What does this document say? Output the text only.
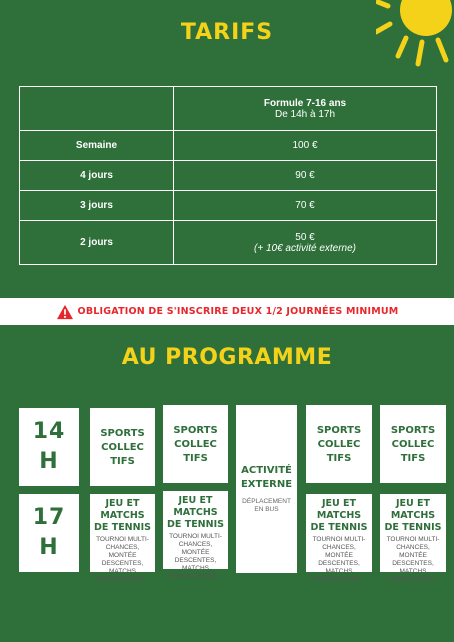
TARIFS

	Formule 7-16 ans
De 14h à 17h
Semaine	100 €
4 jours	90 €
3 jours	70 €
2 jours	50 €
(+ 10€ activité externe)
OBLIGATION DE S'INSCRIRE DEUX 1/2 JOURNÉES MINIMUM
AU PROGRAMME
14
H
17
H
SPORTS
COLLEC
TIFS
JEU ET
MATCHS
DE TENNIS
TOURNOI MULTI-CHANCES, MONTÉE DESCENTES, MATCHS HOMOLOGUÉS...
SPORTS
COLLEC
TIFS
JEU ET
MATCHS
DE TENNIS
TOURNOI MULTI-CHANCES, MONTÉE DESCENTES, MATCHS HOMOLOGUÉS...
ACTIVITÉ
EXTERNE
DÉPLACEMENT EN BUS
SPORTS
COLLEC
TIFS
JEU ET
MATCHS
DE TENNIS
TOURNOI MULTI-CHANCES, MONTÉE DESCENTES, MATCHS HOMOLOGUÉS...
SPORTS
COLLEC
TIFS
JEU ET
MATCHS
DE TENNIS
TOURNOI MULTI-CHANCES, MONTÉE DESCENTES, MATCHS HOMOLOGUÉS...
